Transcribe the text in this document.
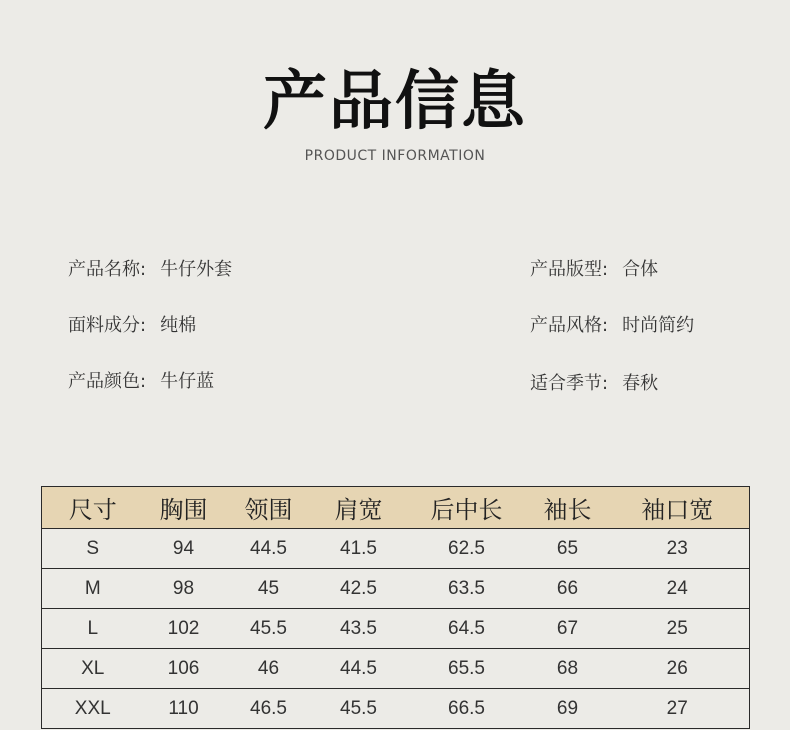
产品信息
PRODUCT INFORMATION
产品名称: 牛仔外套
面料成分: 纯棉
产品颜色: 牛仔蓝
产品版型: 合体
产品风格: 时尚简约
适合季节: 春秋
尺寸	胸围	领围	肩宽	后中长	袖长	袖口宽
S	94	44.5	41.5	62.5	65	23
M	98	45	42.5	63.5	66	24
L	102	45.5	43.5	64.5	67	25
XL	106	46	44.5	65.5	68	26
XXL	110	46.5	45.5	66.5	69	27
